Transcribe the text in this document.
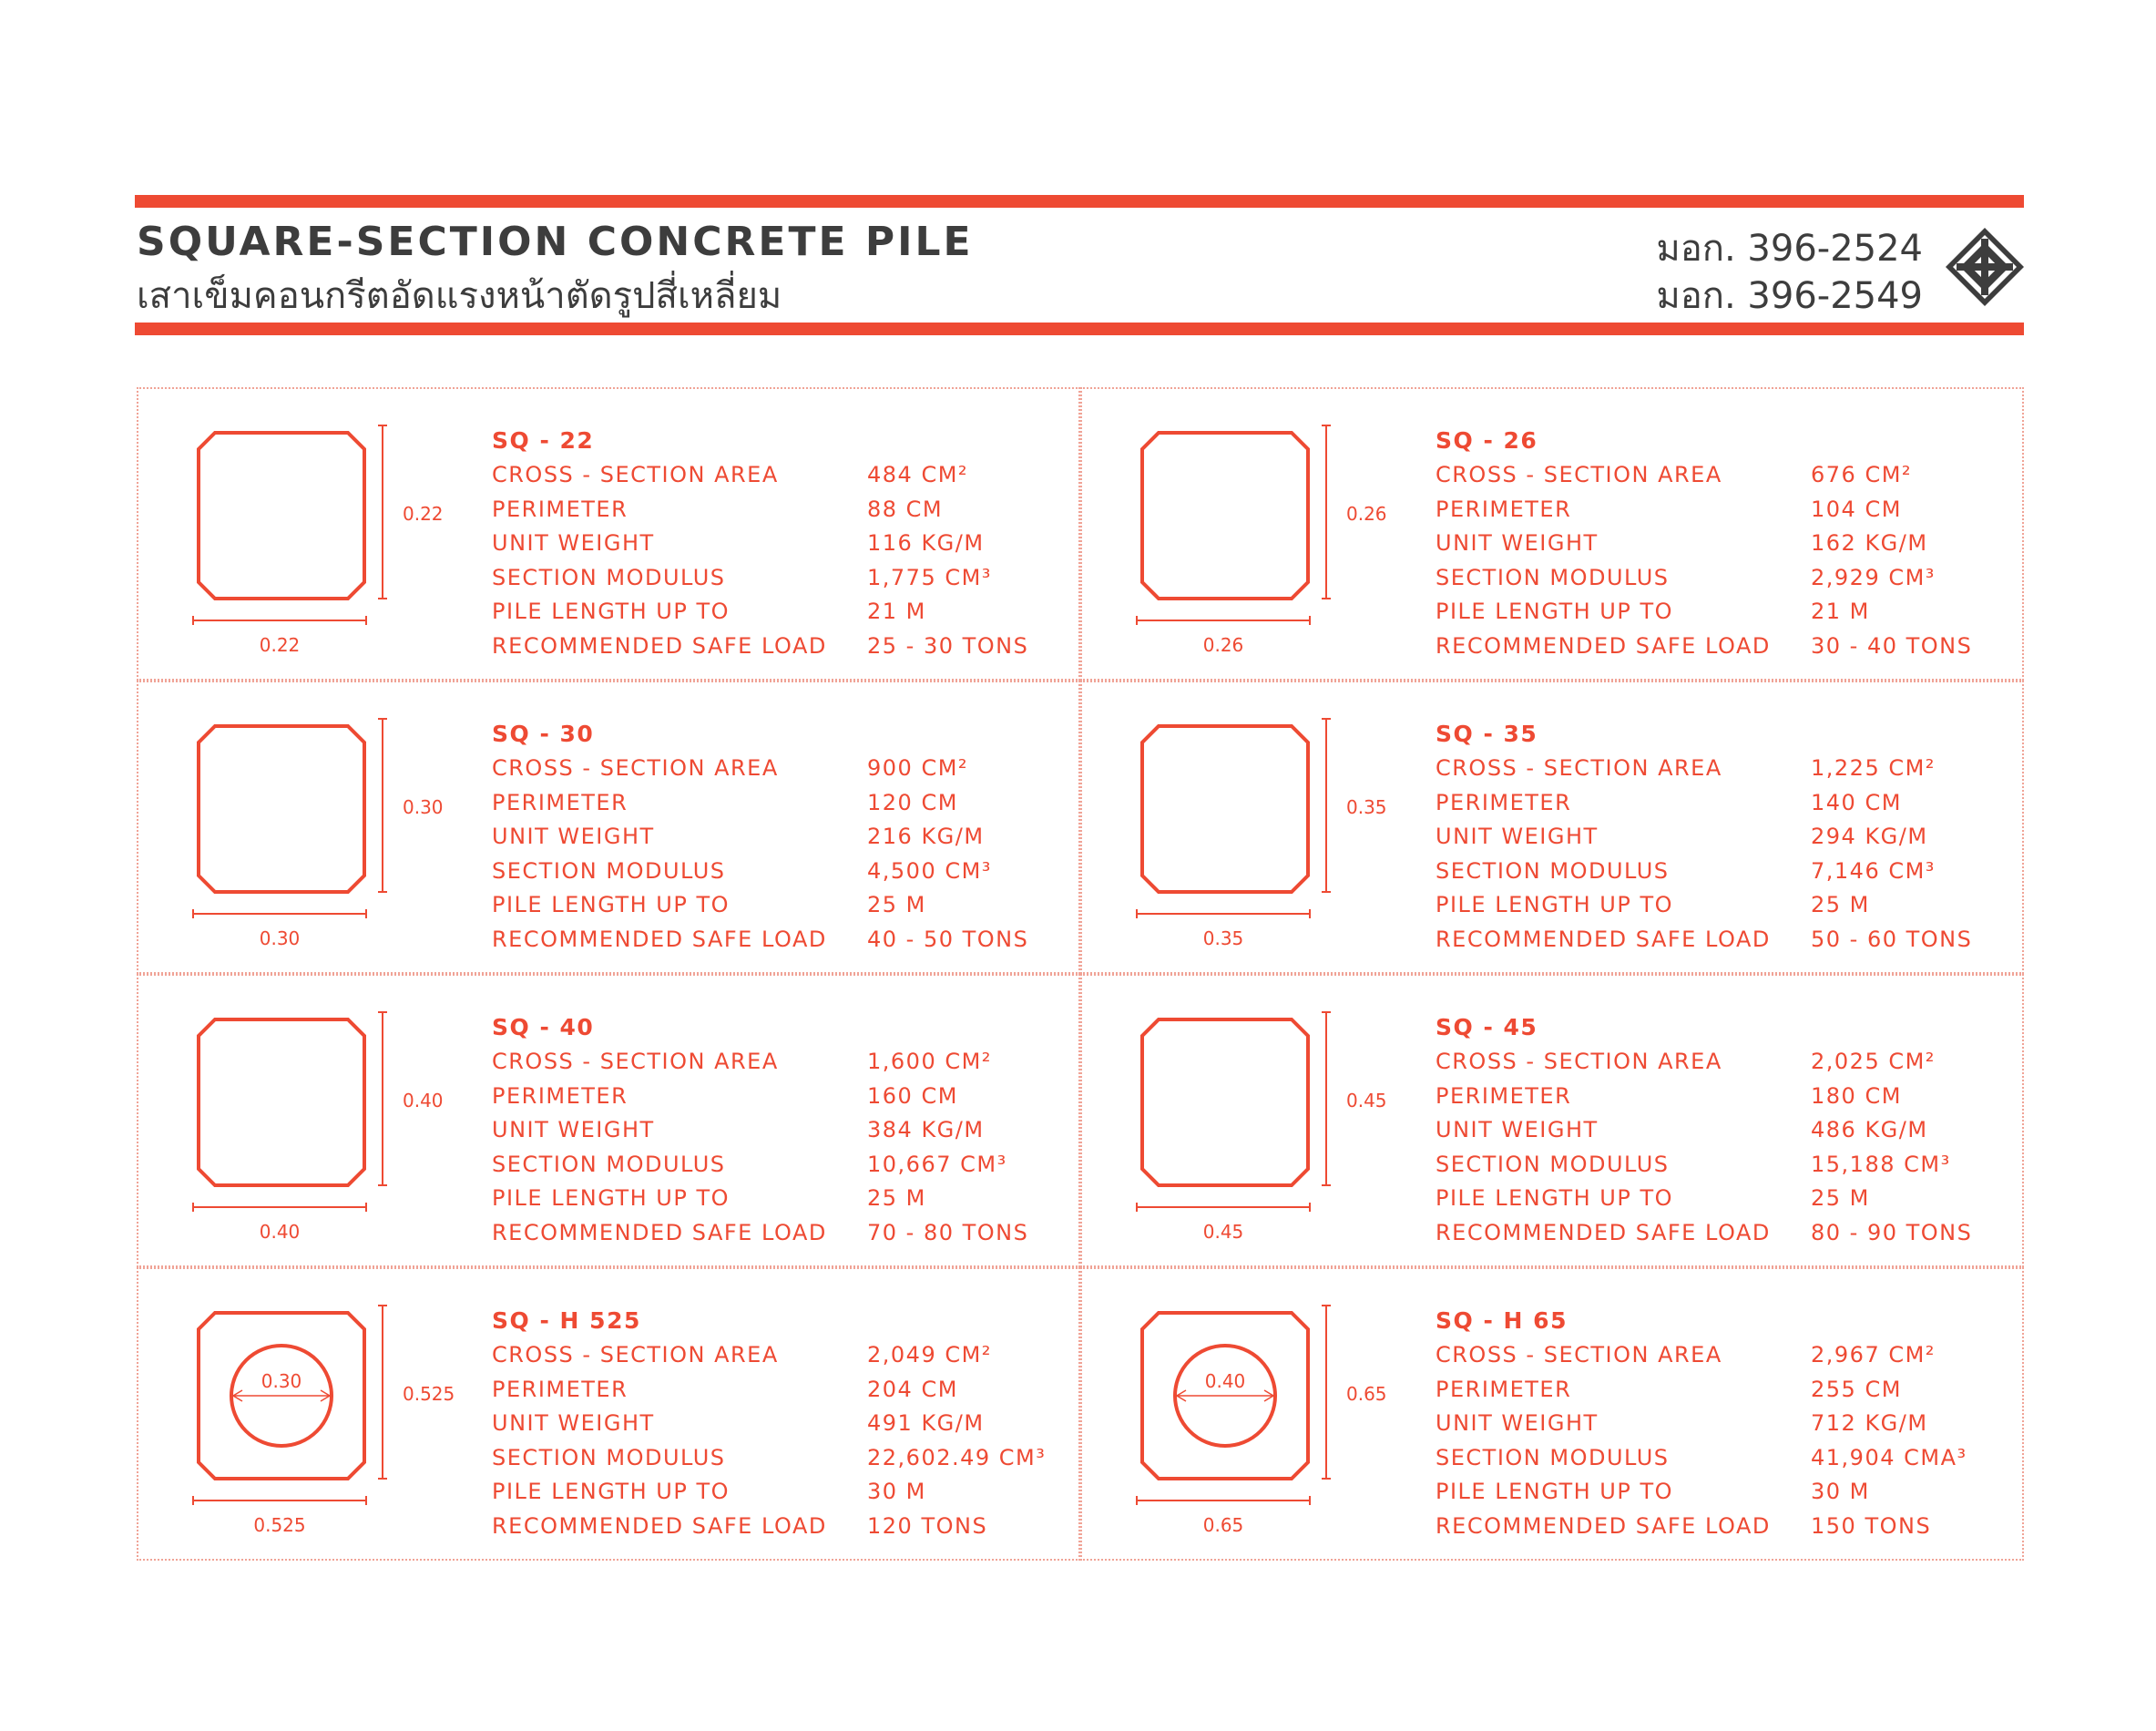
SQUARE-SECTION CONCRETE PILE
เสาเข็มคอนกรีตอัดแรงหน้าตัดรูปสี่เหลี่ยม
มอก. 396-2524
มอก. 396-2549
0.22
0.22
SQ - 22
CROSS - SECTION AREA	484 CM²
PERIMETER	88 CM
UNIT WEIGHT	116 KG/M
SECTION MODULUS	1,775 CM³
PILE LENGTH UP TO	21 M
RECOMMENDED SAFE LOAD	25 - 30 TONS
0.26
0.26
SQ - 26
CROSS - SECTION AREA	676 CM²
PERIMETER	104 CM
UNIT WEIGHT	162 KG/M
SECTION MODULUS	2,929 CM³
PILE LENGTH UP TO	21 M
RECOMMENDED SAFE LOAD	30 - 40 TONS
0.30
0.30
SQ - 30
CROSS - SECTION AREA	900 CM²
PERIMETER	120 CM
UNIT WEIGHT	216 KG/M
SECTION MODULUS	4,500 CM³
PILE LENGTH UP TO	25 M
RECOMMENDED SAFE LOAD	40 - 50 TONS
0.35
0.35
SQ - 35
CROSS - SECTION AREA	1,225 CM²
PERIMETER	140 CM
UNIT WEIGHT	294 KG/M
SECTION MODULUS	7,146 CM³
PILE LENGTH UP TO	25 M
RECOMMENDED SAFE LOAD	50 - 60 TONS
0.40
0.40
SQ - 40
CROSS - SECTION AREA	1,600 CM²
PERIMETER	160 CM
UNIT WEIGHT	384 KG/M
SECTION MODULUS	10,667 CM³
PILE LENGTH UP TO	25 M
RECOMMENDED SAFE LOAD	70 - 80 TONS
0.45
0.45
SQ - 45
CROSS - SECTION AREA	2,025 CM²
PERIMETER	180 CM
UNIT WEIGHT	486 KG/M
SECTION MODULUS	15,188 CM³
PILE LENGTH UP TO	25 M
RECOMMENDED SAFE LOAD	80 - 90 TONS
0.30
0.525
0.525
SQ - H 525
CROSS - SECTION AREA	2,049 CM²
PERIMETER	204 CM
UNIT WEIGHT	491 KG/M
SECTION MODULUS	22,602.49 CM³
PILE LENGTH UP TO	30 M
RECOMMENDED SAFE LOAD	120 TONS
0.40
0.65
0.65
SQ - H 65
CROSS - SECTION AREA	2,967 CM²
PERIMETER	255 CM
UNIT WEIGHT	712 KG/M
SECTION MODULUS	41,904 CMA³
PILE LENGTH UP TO	30 M
RECOMMENDED SAFE LOAD	150 TONS
